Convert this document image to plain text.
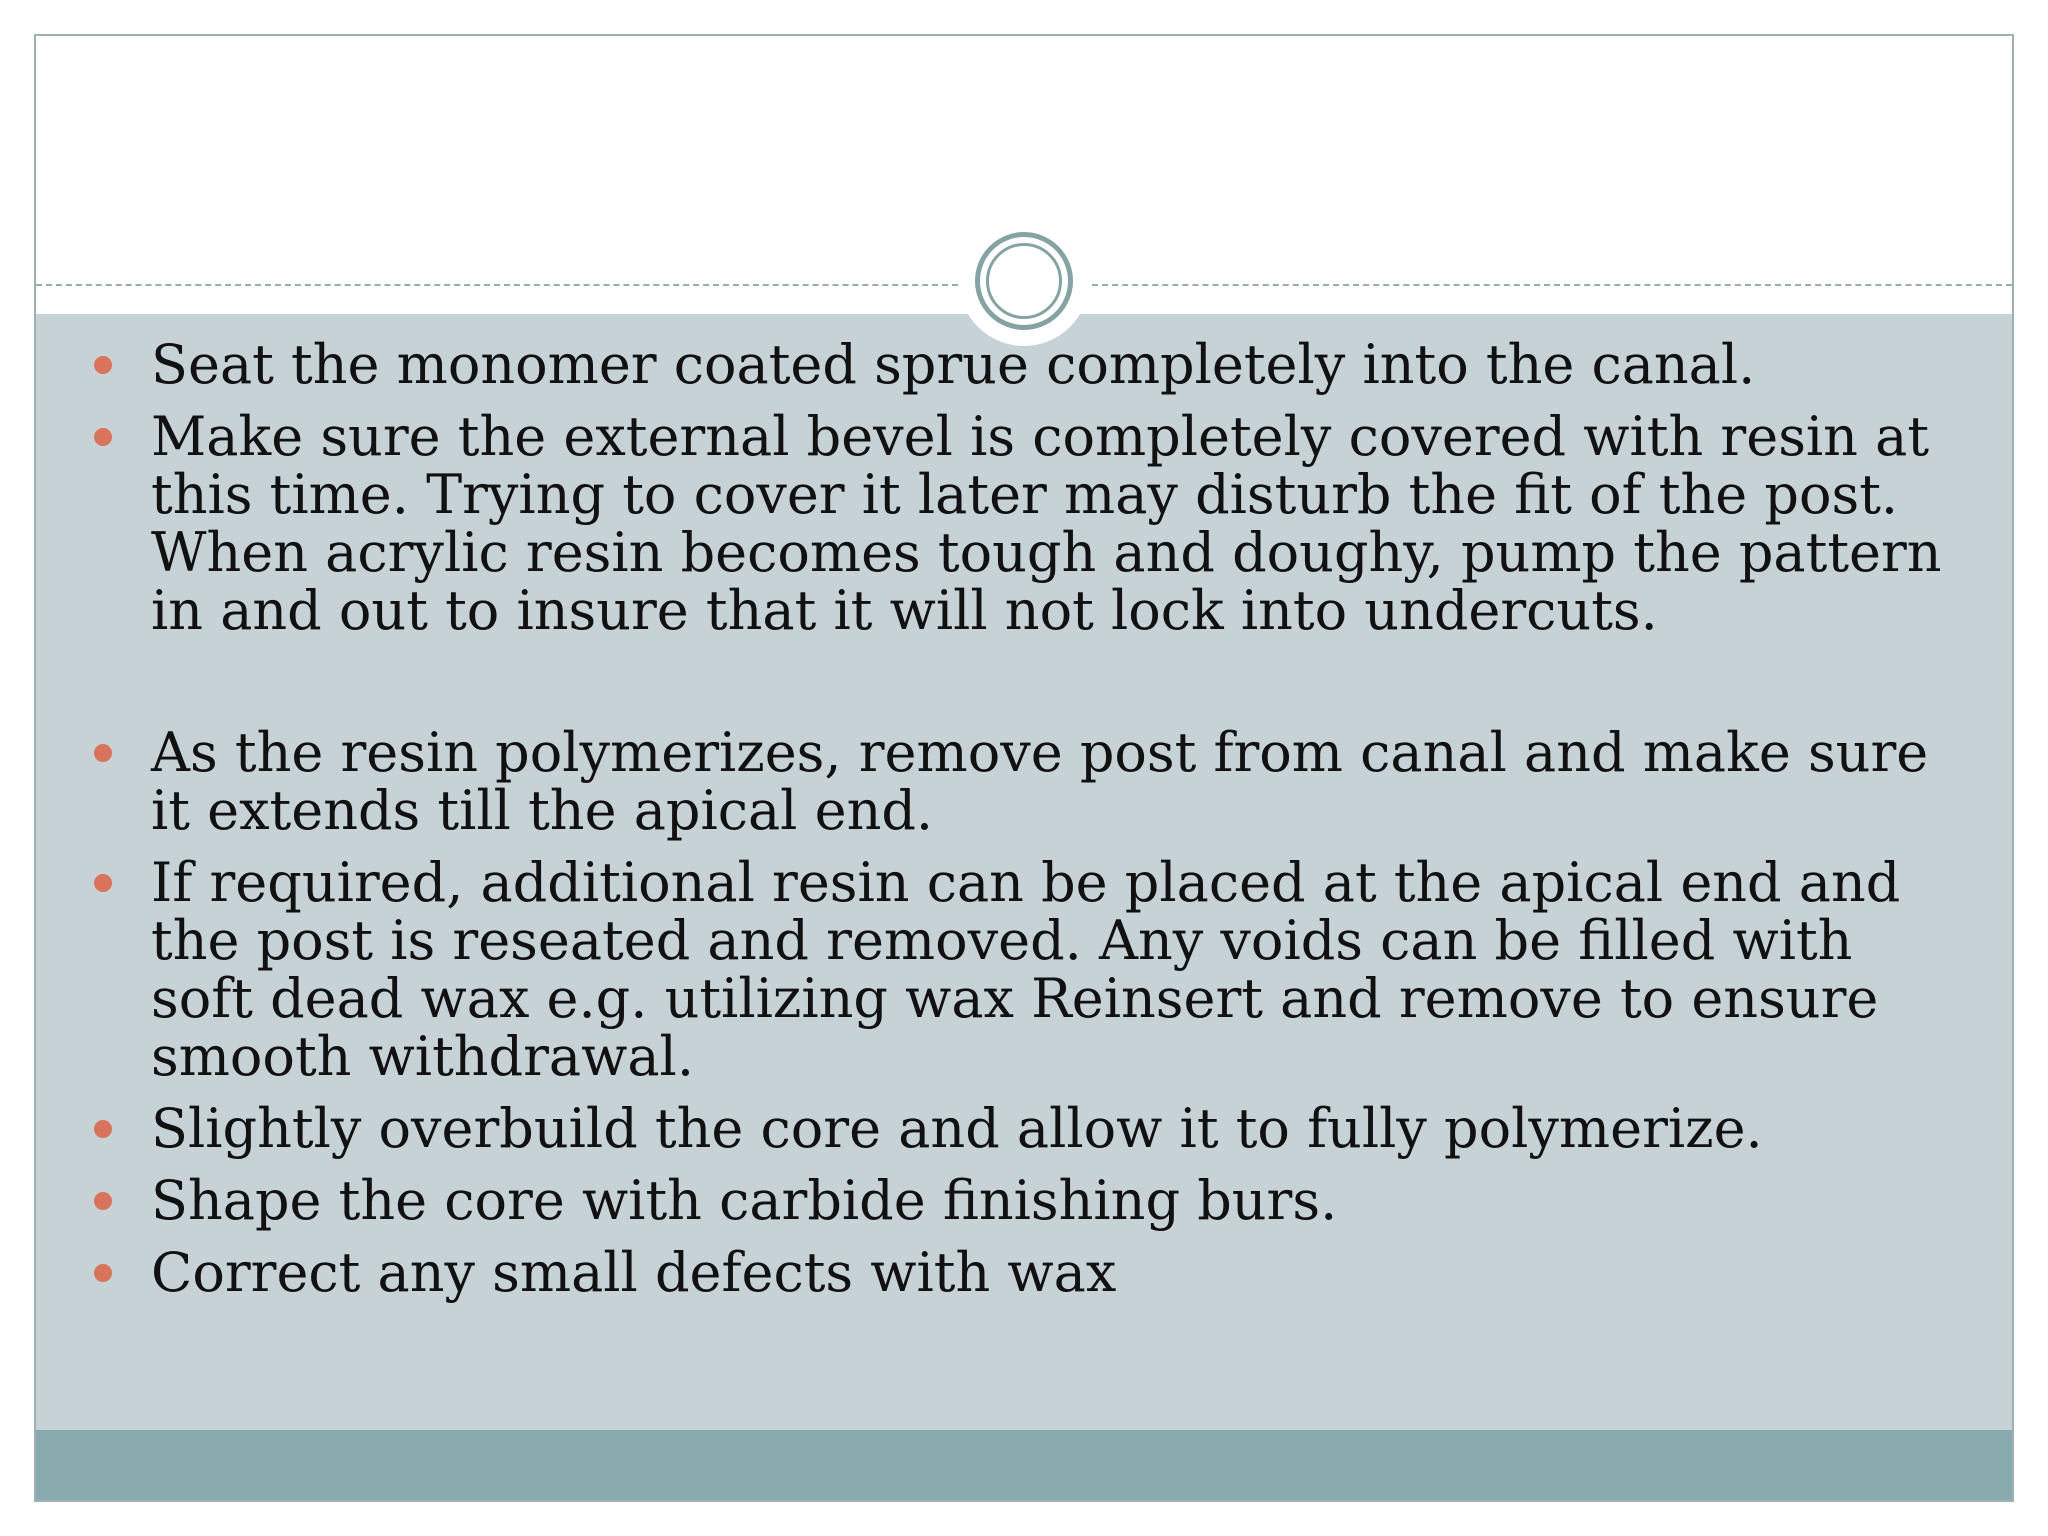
Seat the monomer coated sprue completely into the canal.
Make sure the external bevel is completely covered with resin at this time. Trying to cover it later may disturb the fit of the post. When acrylic resin becomes tough and doughy, pump the pattern in and out to insure that it will not lock into undercuts.
As the resin polymerizes, remove post from canal and make sure it extends till the apical end.
If required, additional resin can be placed at the apical end and the post is reseated and removed. Any voids can be filled with soft dead wax e.g. utilizing wax Reinsert and remove to ensure smooth withdrawal.
Slightly overbuild the core and allow it to fully polymerize.
Shape the core with carbide finishing burs.
Correct any small defects with wax
